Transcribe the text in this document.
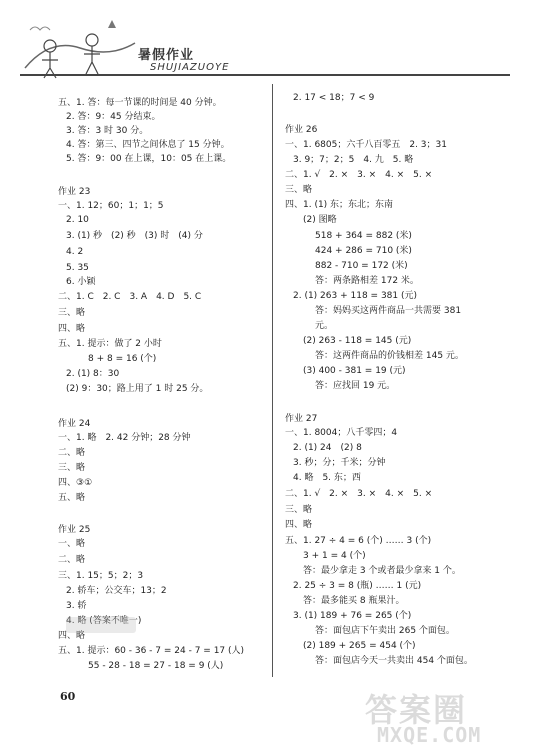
暑假作业
SHUJIAZUOYE
五、1. 答：每一节课的时间是 40 分钟。
2. 答：9：45 分结束。
3. 答：3 时 30 分。
4. 答：第三、四节之间休息了 15 分钟。
5. 答：9：00 在上课，10：05 在上课。
作业 23
一、1. 12；60；1；1；5
2. 10
3. (1) 秒　(2) 秒　(3) 时　(4) 分
4. 2
5. 35
6. 小颖
二、1. C　2. C　3. A　4. D　5. C
三、略
四、略
五、1. 提示：做了 2 小时
8 + 8 = 16 (个)
2. (1) 8：30
(2) 9：30；路上用了 1 时 25 分。
作业 24
一、1. 略　2. 42 分钟；28 分钟
二、略
三、略
四、③①
五、略
作业 25
一、略
二、略
三、1. 15；5；2；3
2. 轿车；公交车；13；2
3. 轿
4. 略 (答案不唯一)
四、略
五、1. 提示：60 - 36 - 7 = 24 - 7 = 17 (人)
55 - 28 - 18 = 27 - 18 = 9 (人)
2. 17 < 18；7 < 9
作业 26
一、1. 6805；六千八百零五　2. 3；31
3. 9；7；2；5　4. 九　5. 略
二、1. √　2. ×　3. ×　4. ×　5. ×
三、略
四、1. (1) 东；东北；东南
(2) 图略
518 + 364 = 882 (米)
424 + 286 = 710 (米)
882 - 710 = 172 (米)
答：两条路相差 172 米。
2. (1) 263 + 118 = 381 (元)
答：妈妈买这两件商品一共需要 381
元。
(2) 263 - 118 = 145 (元)
答：这两件商品的价钱相差 145 元。
(3) 400 - 381 = 19 (元)
答：应找回 19 元。
作业 27
一、1. 8004；八千零四；4
2. (1) 24　(2) 8
3. 秒；分；千米；分钟
4. 略　5. 东；西
二、1. √　2. ×　3. ×　4. ×　5. ×
三、略
四、略
五、1. 27 ÷ 4 = 6 (个) …… 3 (个)
3 + 1 = 4 (个)
答：最少拿走 3 个或者最少拿来 1 个。
2. 25 ÷ 3 = 8 (瓶) …… 1 (元)
答：最多能买 8 瓶果汁。
3. (1) 189 + 76 = 265 (个)
答：面包店下午卖出 265 个面包。
(2) 189 + 265 = 454 (个)
答：面包店今天一共卖出 454 个面包。
60	答案圈
MXQE.COM
